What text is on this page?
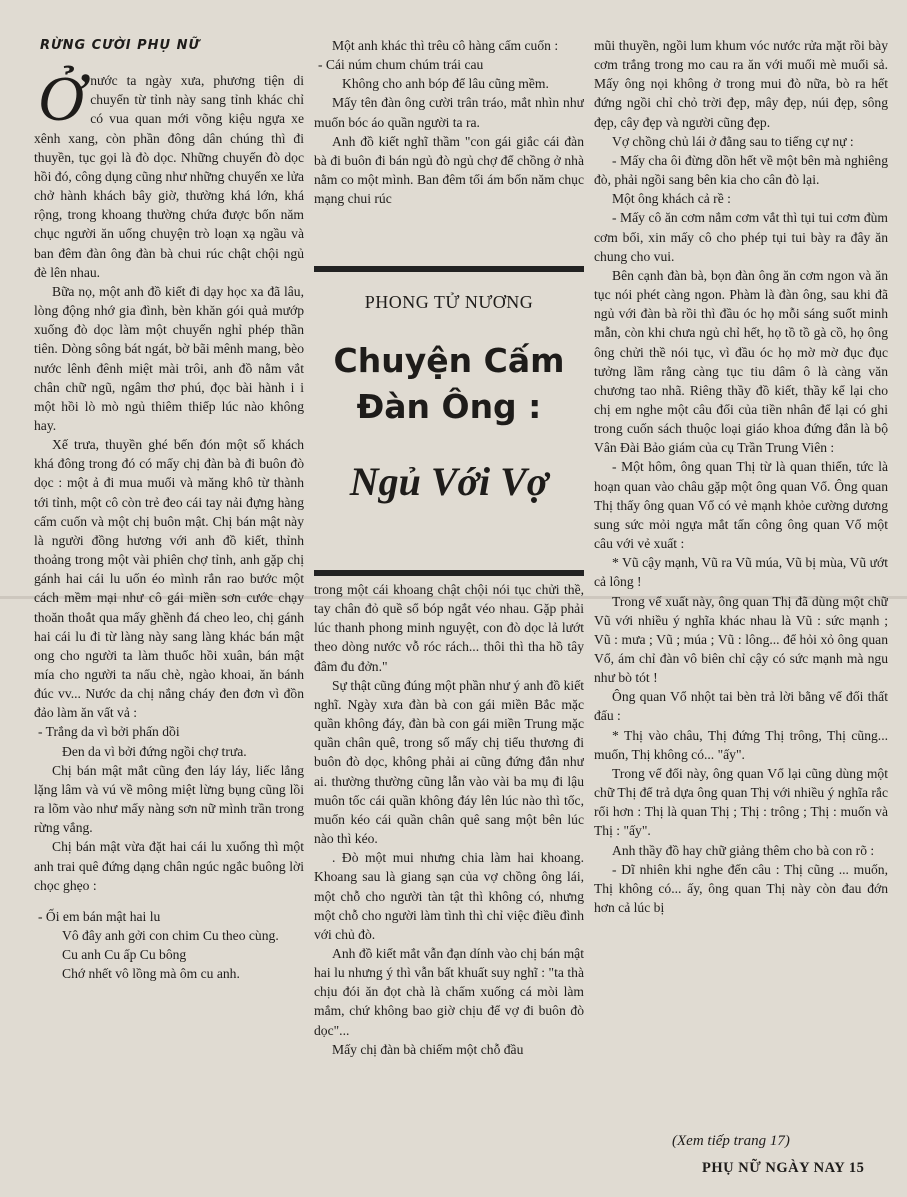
RỪNG CƯỜI PHỤ NỮ

Ởnước ta ngày xưa, phương tiện di chuyển từ tỉnh này sang tỉnh khác chỉ có vua quan mới võng kiệu ngựa xe xênh xang, còn phần đông dân chúng thì đi thuyền, tục gọi là đò dọc. Những chuyến đò dọc hồi đó, công dụng cũng như những chuyến xe lửa chở hành khách bây giờ, thường khá lớn, khá rộng, trong khoang thường chứa được bốn năm chục người ăn uống chuyện trò loạn xạ ngầu và ban đêm đàn ông đàn bà chui rúc chật chội ngủ đè lên nhau.

Bữa nọ, một anh đồ kiết đi dạy học xa đã lâu, lòng động nhớ gia đình, bèn khăn gói quả mướp xuống đò dọc làm một chuyến nghỉ phép thần tiên. Dòng sông bát ngát, bờ bãi mênh mang, bèo nước lênh đênh miệt mài trôi, anh đồ nằm vắt chân chữ ngũ, ngâm thơ phú, đọc bài hành i i một hồi lò mò ngủ thiêm thiếp lúc nào không hay.

Xế trưa, thuyền ghé bến đón một số khách khá đông trong đó có mấy chị đàn bà đi buôn đò dọc : một ả đi mua muối và măng khô từ thành tới tỉnh, một cô còn trẻ đeo cái tay nải đựng hàng cấm cuốn và một chị buôn mật. Chị bán mật này là người đồng hương với anh đồ kiết, thỉnh thoảng trong một vài phiên chợ tỉnh, anh gặp chị gánh hai cái lu uốn éo mình rắn rao bước một cách mềm mại như cô gái miền sơn cước chạy thoăn thoắt qua mấy ghềnh đá cheo leo, chị gánh hai cái lu đi từ làng này sang làng khác bán mật ong cho người ta làm thuốc hồi xuân, bán mật mía cho người ta nấu chè, ngào khoai, ăn bánh đúc vv... Nước da chị nắng cháy đen đơn vì đồn đảo làm ăn vất vả :

- Trắng da vì bởi phấn dồi

Đen da vì bởi đứng ngồi chợ trưa.

Chị bán mật mắt cũng đen láy láy, liếc lẳng lặng lâm và vú về mông miệt lừng bụng cũng lồi ra lõm vào như mấy nàng sơn nữ mình trần trong rừng vắng.

Chị bán mật vừa đặt hai cái lu xuống thì một anh trai quê đứng dạng chân ngúc ngắc buông lời chọc ghẹo :

- Ối em bán mật hai lu

Vô đây anh gởi con chim Cu theo cùng.

Cu anh Cu ấp Cu bông

Chớ nhết vô lồng mà ôm cu anh.

Một anh khác thì trêu cô hàng cấm cuốn :

- Cái núm chum chúm trái cau

Không cho anh bóp để lâu cũng mềm.

Mấy tên đàn ông cười trân tráo, mắt nhìn như muốn bóc áo quần người ta ra.

Anh đồ kiết nghĩ thầm "con gái giắc cái đàn bà đi buôn đi bán ngủ đò ngủ chợ để chồng ở nhà nằm co một mình. Ban đêm tối ám bốn năm chục mạng chui rúc

PHONG TỬ NƯƠNG
Chuyện Cấm
Đàn Ông :
Ngủ Với Vợ

trong một cái khoang chật chội nói tục chửi thề, tay chân đỏ quề sổ bóp ngắt véo nhau. Gặp phải lúc thanh phong minh nguyệt, con đò dọc lả lướt theo dòng nước vỗ róc rách... thôi thì tha hồ tây đâm đu đởn."

Sự thật cũng đúng một phần như ý anh đồ kiết nghĩ. Ngày xưa đàn bà con gái miền Bắc mặc quần không đáy, đàn bà con gái miền Trung mặc quần chân quê, trong số mấy chị tiểu thương đi buôn đò dọc, không phải ai cũng đứng đắn như ai. thường thường cũng lẫn vào vài ba mụ đi lậu muôn tốc cái quần không đáy lên lúc nào thì tốc, muốn kéo cái quần chân quê sang một bên lúc nào thì kéo.

. Đò một mui nhưng chia làm hai khoang. Khoang sau là giang sạn của vợ chồng ông lái, một chỗ cho người tàn tật thì không có, nhưng một chỗ cho người làm tình thì chỉ việc điều đình với chủ đò.

Anh đồ kiết mắt vẫn đạn dính vào chị bán mật hai lu nhưng ý thì vẫn bất khuất suy nghĩ : "ta thà chịu đói ăn đọt chà là chấm xuống cá mòi làm mắm, chứ không bao giờ chịu để vợ đi buôn đò dọc"...

Mấy chị đàn bà chiếm một chỗ đầu

mũi thuyền, ngồi lum khum vóc nước rửa mặt rồi bày cơm trắng trong mo cau ra ăn với muối mè muối sả. Mấy ông nọi không ở trong mui đò nữa, bò ra hết đứng ngồi chỉ chỏ trời đẹp, mây đẹp, núi đẹp, sông đẹp, cây đẹp và người cũng đẹp.

Vợ chồng chủ lái ở đằng sau to tiếng cự nự :

- Mấy cha ôi đừng dồn hết về một bên mà nghiêng đò, phải ngồi sang bên kia cho cân đò lại.

Một ông khách cả rề :

- Mấy cô ăn cơm nắm cơm vắt thì tụi tui cơm đùm cơm bối, xin mấy cô cho phép tụi tui bày ra đây ăn chung cho vui.

Bên cạnh đàn bà, bọn đàn ông ăn cơm ngon và ăn tục nói phét càng ngon. Phàm là đàn ông, sau khi đã ngủ với đàn bà rồi thì đầu óc họ mỗi sáng suốt minh mẫn, còn khi chưa ngủ chỉ hết, họ tồ tồ gà cồ, họ ông ông chửi thề nói tục, vì đầu óc họ mờ mờ đục đục tưởng lầm rằng càng tục tiu dâm ô là càng văn chương tao nhã. Riêng thầy đồ kiết, thầy kể lại cho chị em nghe một câu đối của tiền nhân để lại có ghi trong cuốn sách thuộc loại giáo khoa đứng đắn là bộ Vân Đài Bảo giám của cụ Trần Trung Viên :

- Một hôm, ông quan Thị từ là quan thiến, tức là hoạn quan vào châu gặp một ông quan Vổ. Ông quan Thị thấy ông quan Vổ có vẻ mạnh khỏe cường dương sung sức mỏi ngựa mắt tấn công ông quan Vổ một câu với vẻ xuất :

* Vũ cậy mạnh, Vũ ra Vũ múa, Vũ bị mùa, Vũ ướt cả lông !

Trong vế xuất này, ông quan Thị đã dùng một chữ Vũ với nhiều ý nghĩa khác nhau là Vũ : sức mạnh ; Vũ : mưa ; Vũ ; múa ; Vũ : lông... để hỏi xỏ ông quan Vổ, ám chỉ đàn vô biên chỉ cậy có sức mạnh mà ngu như bò tót !

Ông quan Vổ nhột tai bèn trả lời bằng vế đối thất đấu :

* Thị vào châu, Thị đứng Thị trông, Thị cũng... muốn, Thị không có... "ấy".

Trong vế đối này, ông quan Vổ lại cũng dùng một chữ Thị để trả dựa ông quan Thị với nhiều ý nghĩa rắc rối hơn : Thị là quan Thị ; Thị : trông ; Thị : muốn và Thị : "ấy".

Anh thầy đồ hay chữ giảng thêm cho bà con rõ :

- Dĩ nhiên khi nghe đến câu : Thị cũng ... muốn, Thị không có... ấy, ông quan Thị này còn đau đớn hơn cả lúc bị

(Xem tiếp trang 17)
PHỤ NỮ NGÀY NAY 15
